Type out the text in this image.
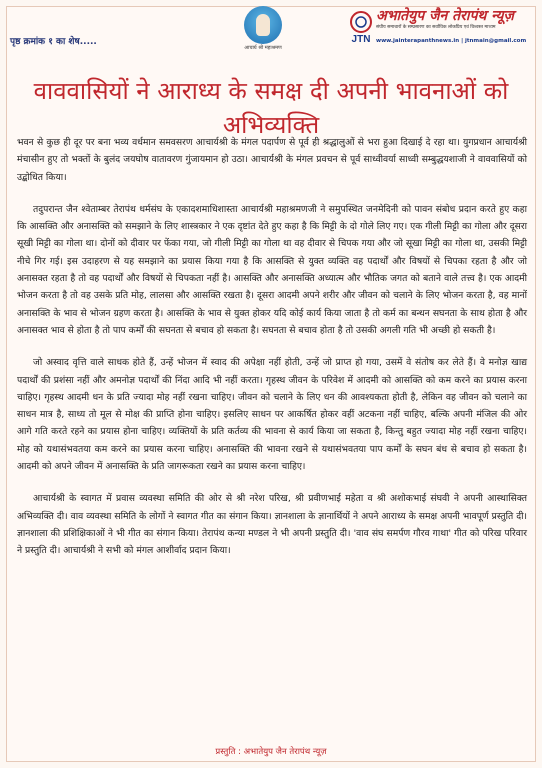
पृष्ठ क्रमांक १ का शेष.....
आचार्य श्री महाश्रमण
JTN
अभातेयुप जैन तेरापंथ न्यूज़
संघीय समाचारों के सम्प्रसारण का सर्वाधिक लोकप्रिय एवं विश्वस्त माध्यम
www.jainterapanthnews.in | jtnmain@gmail.com
वाववासियों ने आराध्य के समक्ष दी अपनी भावनाओं को अभिव्यक्ति

भवन से कुछ ही दूर पर बना भव्य वर्धमान समवसरण आचार्यश्री के मंगल पदार्पण से पूर्व ही श्रद्धालुओं से भरा हुआ दिखाई दे रहा था। युगप्रधान आचार्यश्री मंचासीन हुए तो भक्तों के बुलंद जयघोष वातावरण गुंजायमान हो उठा। आचार्यश्री के मंगल प्रवचन से पूर्व साध्वीवर्या साध्वी सम्बुद्धयशाजी ने वाववासियों को उद्बोधित किया।

तदुपरान्त जैन श्वेताम्बर तेरापंथ धर्मसंघ के एकादशमाधिशास्ता आचार्यश्री महाश्रमणजी ने समुपस्थित जनमेदिनी को पावन संबोध प्रदान करते हुए कहा कि आसक्ति और अनासक्ति को समझाने के लिए शास्त्रकार ने एक दृष्टांत देते हुए कहा है कि मिट्टी के दो गोले लिए गए। एक गीली मिट्टी का गोला और दूसरा सूखी मिट्टी का गोला था। दोनों को दीवार पर फेंका गया, जो गीली मिट्टी का गोला था वह दीवार से चिपक गया और जो सूखा मिट्टी का गोला था, उसकी मिट्टी नीचे गिर गई। इस उदाहरण से यह समझाने का प्रयास किया गया है कि आसक्ति से युक्त व्यक्ति वह पदार्थों और विषयों से चिपका रहता है और जो अनासक्त रहता है तो वह पदार्थों और विषयों से चिपकता नहीं है। आसक्ति और अनासक्ति अध्यात्म और भौतिक जगत को बताने वाले तत्त्व है। एक आदमी भोजन करता है तो वह उसके प्रति मोह, लालसा और आसक्ति रखता है। दूसरा आदमी अपने शरीर और जीवन को चलाने के लिए भोजन करता है, वह मानों अनासक्ति के भाव से भोजन ग्रहण करता है। आसक्ति के भाव से युक्त होकर यदि कोई कार्य किया जाता है तो कर्म का बन्धन सघनता के साथ होता है और अनासक्त भाव से होता है तो पाप कर्मों की सघनता से बचाव हो सकता है। सघनता से बचाव होता है तो उसकी अगली गति भी अच्छी हो सकती है।

जो अस्वाद वृत्ति वाले साधक होते हैं, उन्हें भोजन में स्वाद की अपेक्षा नहीं होती, उन्हें जो प्राप्त हो गया, उसमें वे संतोष कर लेते हैं। वे मनोज्ञ खाद्य पदार्थों की प्रशंसा नहीं और अमनोज्ञ पदार्थों की निंदा आदि भी नहीं करता। गृहस्थ जीवन के परिवेश में आदमी को आसक्ति को कम करने का प्रयास करना चाहिए। गृहस्थ आदमी धन के प्रति ज्यादा मोह नहीं रखना चाहिए। जीवन को चलाने के लिए धन की आवश्यकता होती है, लेकिन वह जीवन को चलाने का साधन मात्र है, साध्य तो मूल से मोक्ष की प्राप्ति होना चाहिए। इसलिए साधन पर आकर्षित होकर वहीं अटकना नहीं चाहिए, बल्कि अपनी मंजिल की ओर आगे गति करते रहने का प्रयास होना चाहिए। व्यक्तियों के प्रति कर्तव्य की भावना से कार्य किया जा सकता है, किन्तु बहुत ज्यादा मोह नहीं रखना चाहिए। मोह को यथासंभवतया कम करने का प्रयास करना चाहिए। अनासक्ति की भावना रखने से यथासंभवतया पाप कर्मों के सघन बंध से बचाव हो सकता है। आदमी को अपने जीवन में अनासक्ति के प्रति जागरूकता रखने का प्रयास करना चाहिए।

आचार्यश्री के स्वागत में प्रवास व्यवस्था समिति की ओर से श्री नरेश परिख, श्री प्रवीणभाई महेता व श्री अशोकभाई संघवी ने अपनी आस्थासिक्त अभिव्यक्ति दी। वाव व्यवस्था समिति के लोगों ने स्वागत गीत का संगान किया। ज्ञानशाला के ज्ञानार्थियों ने अपने आराध्य के समक्ष अपनी भावपूर्ण प्रस्तुति दी। ज्ञानशाला की प्रशिक्षिकाओं ने भी गीत का संगान किया। तेरापंथ कन्या मण्डल ने भी अपनी प्रस्तुति दी। 'वाव संघ समर्पण गौरव गाथा' गीत को परिख परिवार ने प्रस्तुति दी। आचार्यश्री ने सभी को मंगल आशीर्वाद प्रदान किया।

प्रस्तुति : अभातेयुप जैन तेरापंथ न्यूज़
